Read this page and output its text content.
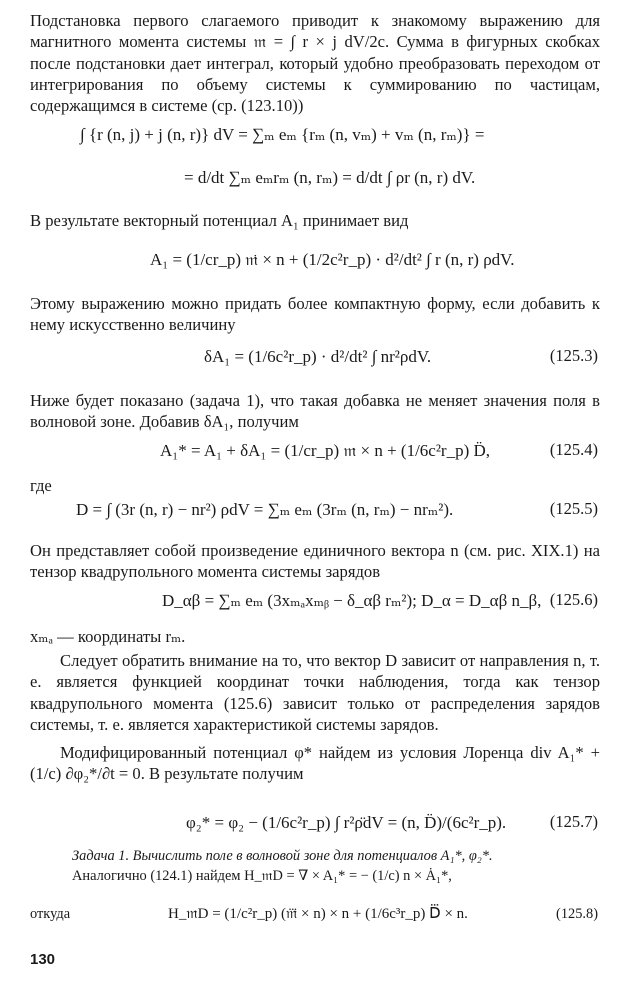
Подстановка первого слагаемого приводит к знакомому выражению для магнитного момента системы 𝔪 = ∫ r × j dV/2c. Сумма в фигурных скобках после подстановки дает интеграл, который удобно преобразовать переходом от интегрирования по объему системы к суммированию по частицам, содержащимся в системе (ср. (123.10))
∫ {r (n, j) + j (n, r)} dV = ∑ₘ eₘ {rₘ (n, vₘ) + vₘ (n, rₘ)} =
= d/dt ∑ₘ eₘrₘ (n, rₘ) = d/dt ∫ ρr (n, r) dV.
В результате векторный потенциал A₁ принимает вид
A₁ = (1/cr_p) 𝔪̇ × n + (1/2c²r_p) · d²/dt² ∫ r (n, r) ρdV.
Этому выражению можно придать более компактную форму, если добавить к нему искусственно величину
δA₁ = (1/6c²r_p) · d²/dt² ∫ nr²ρdV.	(125.3)
Ниже будет показано (задача 1), что такая добавка не меняет значения поля в волновой зоне. Добавив δA₁, получим
A₁* = A₁ + δA₁ = (1/cr_p) 𝔪 × n + (1/6c²r_p) D̈,	(125.4)
где
D = ∫ (3r (n, r) − nr²) ρdV = ∑ₘ eₘ (3rₘ (n, rₘ) − nrₘ²).	(125.5)
Он представляет собой произведение единичного вектора n (см. рис. XIX.1) на тензор квадрупольного момента системы зарядов
D_αβ = ∑ₘ eₘ (3xₘₐxₘᵦ − δ_αβ rₘ²); D_α = D_αβ n_β, (125.6)
xₘₐ — координаты rₘ.
Следует обратить внимание на то, что вектор D зависит от направления n, т. е. является функцией координат точки наблюдения, тогда как тензор квадрупольного момента (125.6) зависит только от распределения зарядов системы, т. е. является характеристикой системы зарядов.
Модифицированный потенциал φ* найдем из условия Лоренца div A₁* + (1/c) ∂φ₂*/∂t = 0. В результате получим
φ₂* = φ₂ − (1/6c²r_p) ∫ r²ρ̈dV = (n, D̈)/(6c²r_p).	(125.7)
Задача 1. Вычислить поле в волновой зоне для потенциалов A₁*, φ₂*.
Аналогично (124.1) найдем H_𝔪D = ∇ × A₁* = − (1/c) n × Ȧ₁*,
откуда	H_𝔪D = (1/c²r_p) (𝔪⃛ × n) × n + (1/6c³r_p) D⃛ × n.	(125.8)
130
